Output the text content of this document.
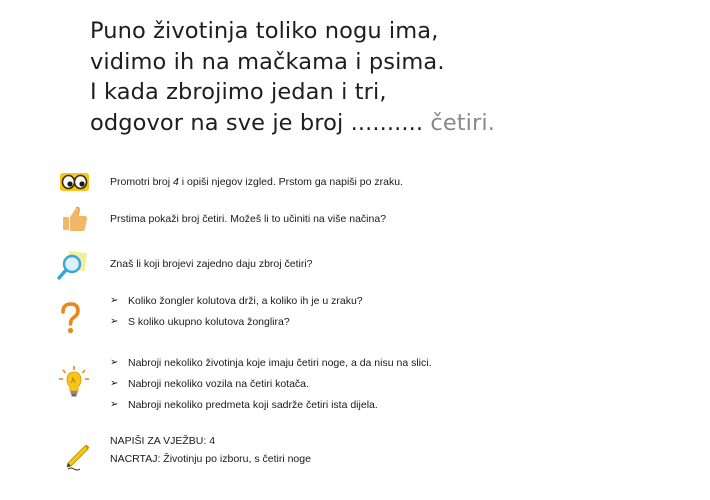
Puno životinja toliko nogu ima,
vidimo ih na mačkama i psima.
I kada zbrojimo jedan i tri,
odgovor na sve je broj .......... četiri.

Promotri broj 4 i opiši njegov izgled. Prstom ga napiši po zraku.
Prstima pokaži broj četiri. Možeš li to učiniti na više načina?
Znaš li koji brojevi zajedno daju zbroj četiri?
➢ Koliko žongler kolutova drži, a koliko ih je u zraku?
➢ S koliko ukupno kolutova žonglira?
➢ Nabroji nekoliko životinja koje imaju četiri noge, a da nisu na slici.
➢ Nabroji nekoliko vozila na četiri kotača.
➢ Nabroji nekoliko predmeta koji sadrže četiri ista dijela.
NAPIŠI ZA VJEŽBU: 4
NACRTAJ: Životinju po izboru, s četiri noge
